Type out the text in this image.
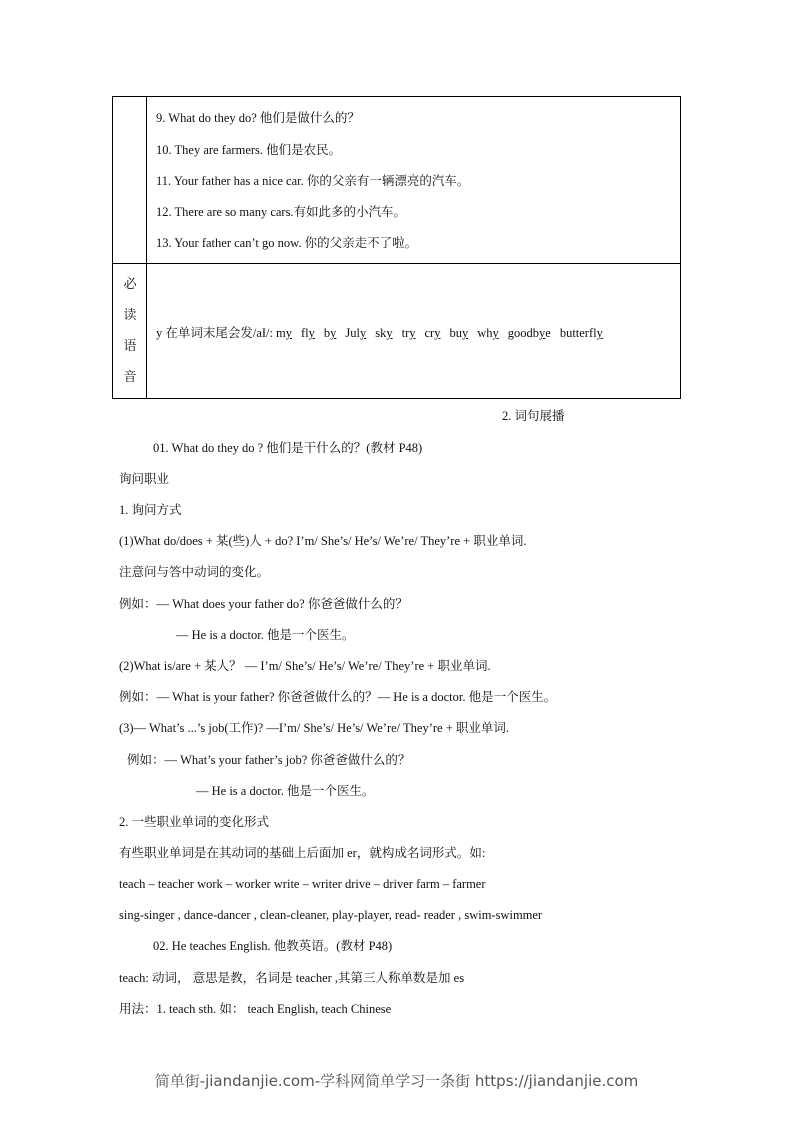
9. What do they do? 他们是做什么的？
10. They are farmers. 他们是农民。
11. Your father has a nice car. 你的父亲有一辆漂亮的汽车。
12. There are so many cars.有如此多的小汽车。
13. Your father can’t go now. 你的父亲走不了啦。
必
读
语
音
y 在单词末尾会发/aI/: my fly by July sky try cry buy why goodbye butterfly
2. 词句展播
01. What do they do ? 他们是干什么的？(教材 P48)
询问职业
1. 询问方式
(1)What do/does + 某(些)人 + do? I’m/ She’s/ He’s/ We’re/ They’re + 职业单词.
注意问与答中动词的变化。
例如：— What does your father do? 你爸爸做什么的？
— He is a doctor. 他是一个医生。
(2)What is/are + 某人？ — I’m/ She’s/ He’s/ We’re/ They’re + 职业单词.
例如：— What is your father? 你爸爸做什么的？— He is a doctor. 他是一个医生。
(3)— What’s ...’s job(工作)? —I’m/ She’s/ He’s/ We’re/ They’re + 职业单词.
例如：— What’s your father’s job? 你爸爸做什么的？
— He is a doctor. 他是一个医生。
2. 一些职业单词的变化形式
有些职业单词是在其动词的基础上后面加 er，就构成名词形式。如:
teach – teacher work – worker write – writer drive – driver farm – farmer
sing-singer , dance-dancer , clean-cleaner, play-player, read- reader , swim-swimmer
02. He teaches English. 他教英语。(教材 P48)
teach: 动词， 意思是教，名词是 teacher ,其第三人称单数是加 es
用法：1. teach sth. 如： teach English, teach Chinese
简单街-jiandanjie.com-学科网简单学习一条街 https://jiandanjie.com
